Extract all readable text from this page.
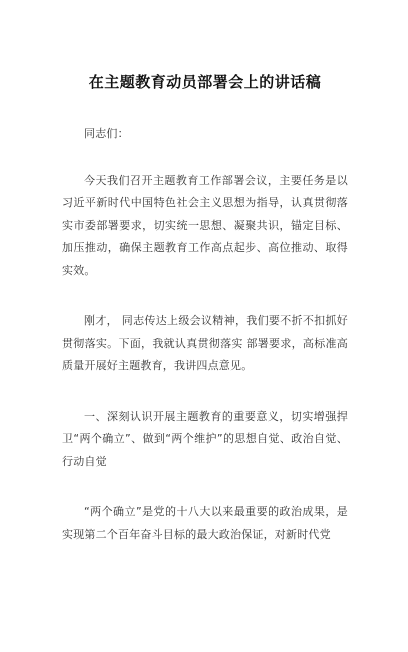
在主题教育动员部署会上的讲话稿

同志们：

今天我们召开主题教育工作部署会议，主要任务是以习近平新时代中国特色社会主义思想为指导，认真贯彻落实市委部署要求，切实统一思想、凝聚共识，锚定目标、加压推动，确保主题教育工作高点起步、高位推动、取得实效。

刚才， 同志传达上级会议精神，我们要不折不扣抓好贯彻落实。下面，我就认真贯彻落实 部署要求，高标准高质量开展好主题教育，我讲四点意见。

一、深刻认识开展主题教育的重要意义，切实增强捍卫“两个确立”、做到“两个维护”的思想自觉、政治自觉、行动自觉

“两个确立”是党的十八大以来最重要的政治成果，是实现第二个百年奋斗目标的最大政治保证，对新时代党
